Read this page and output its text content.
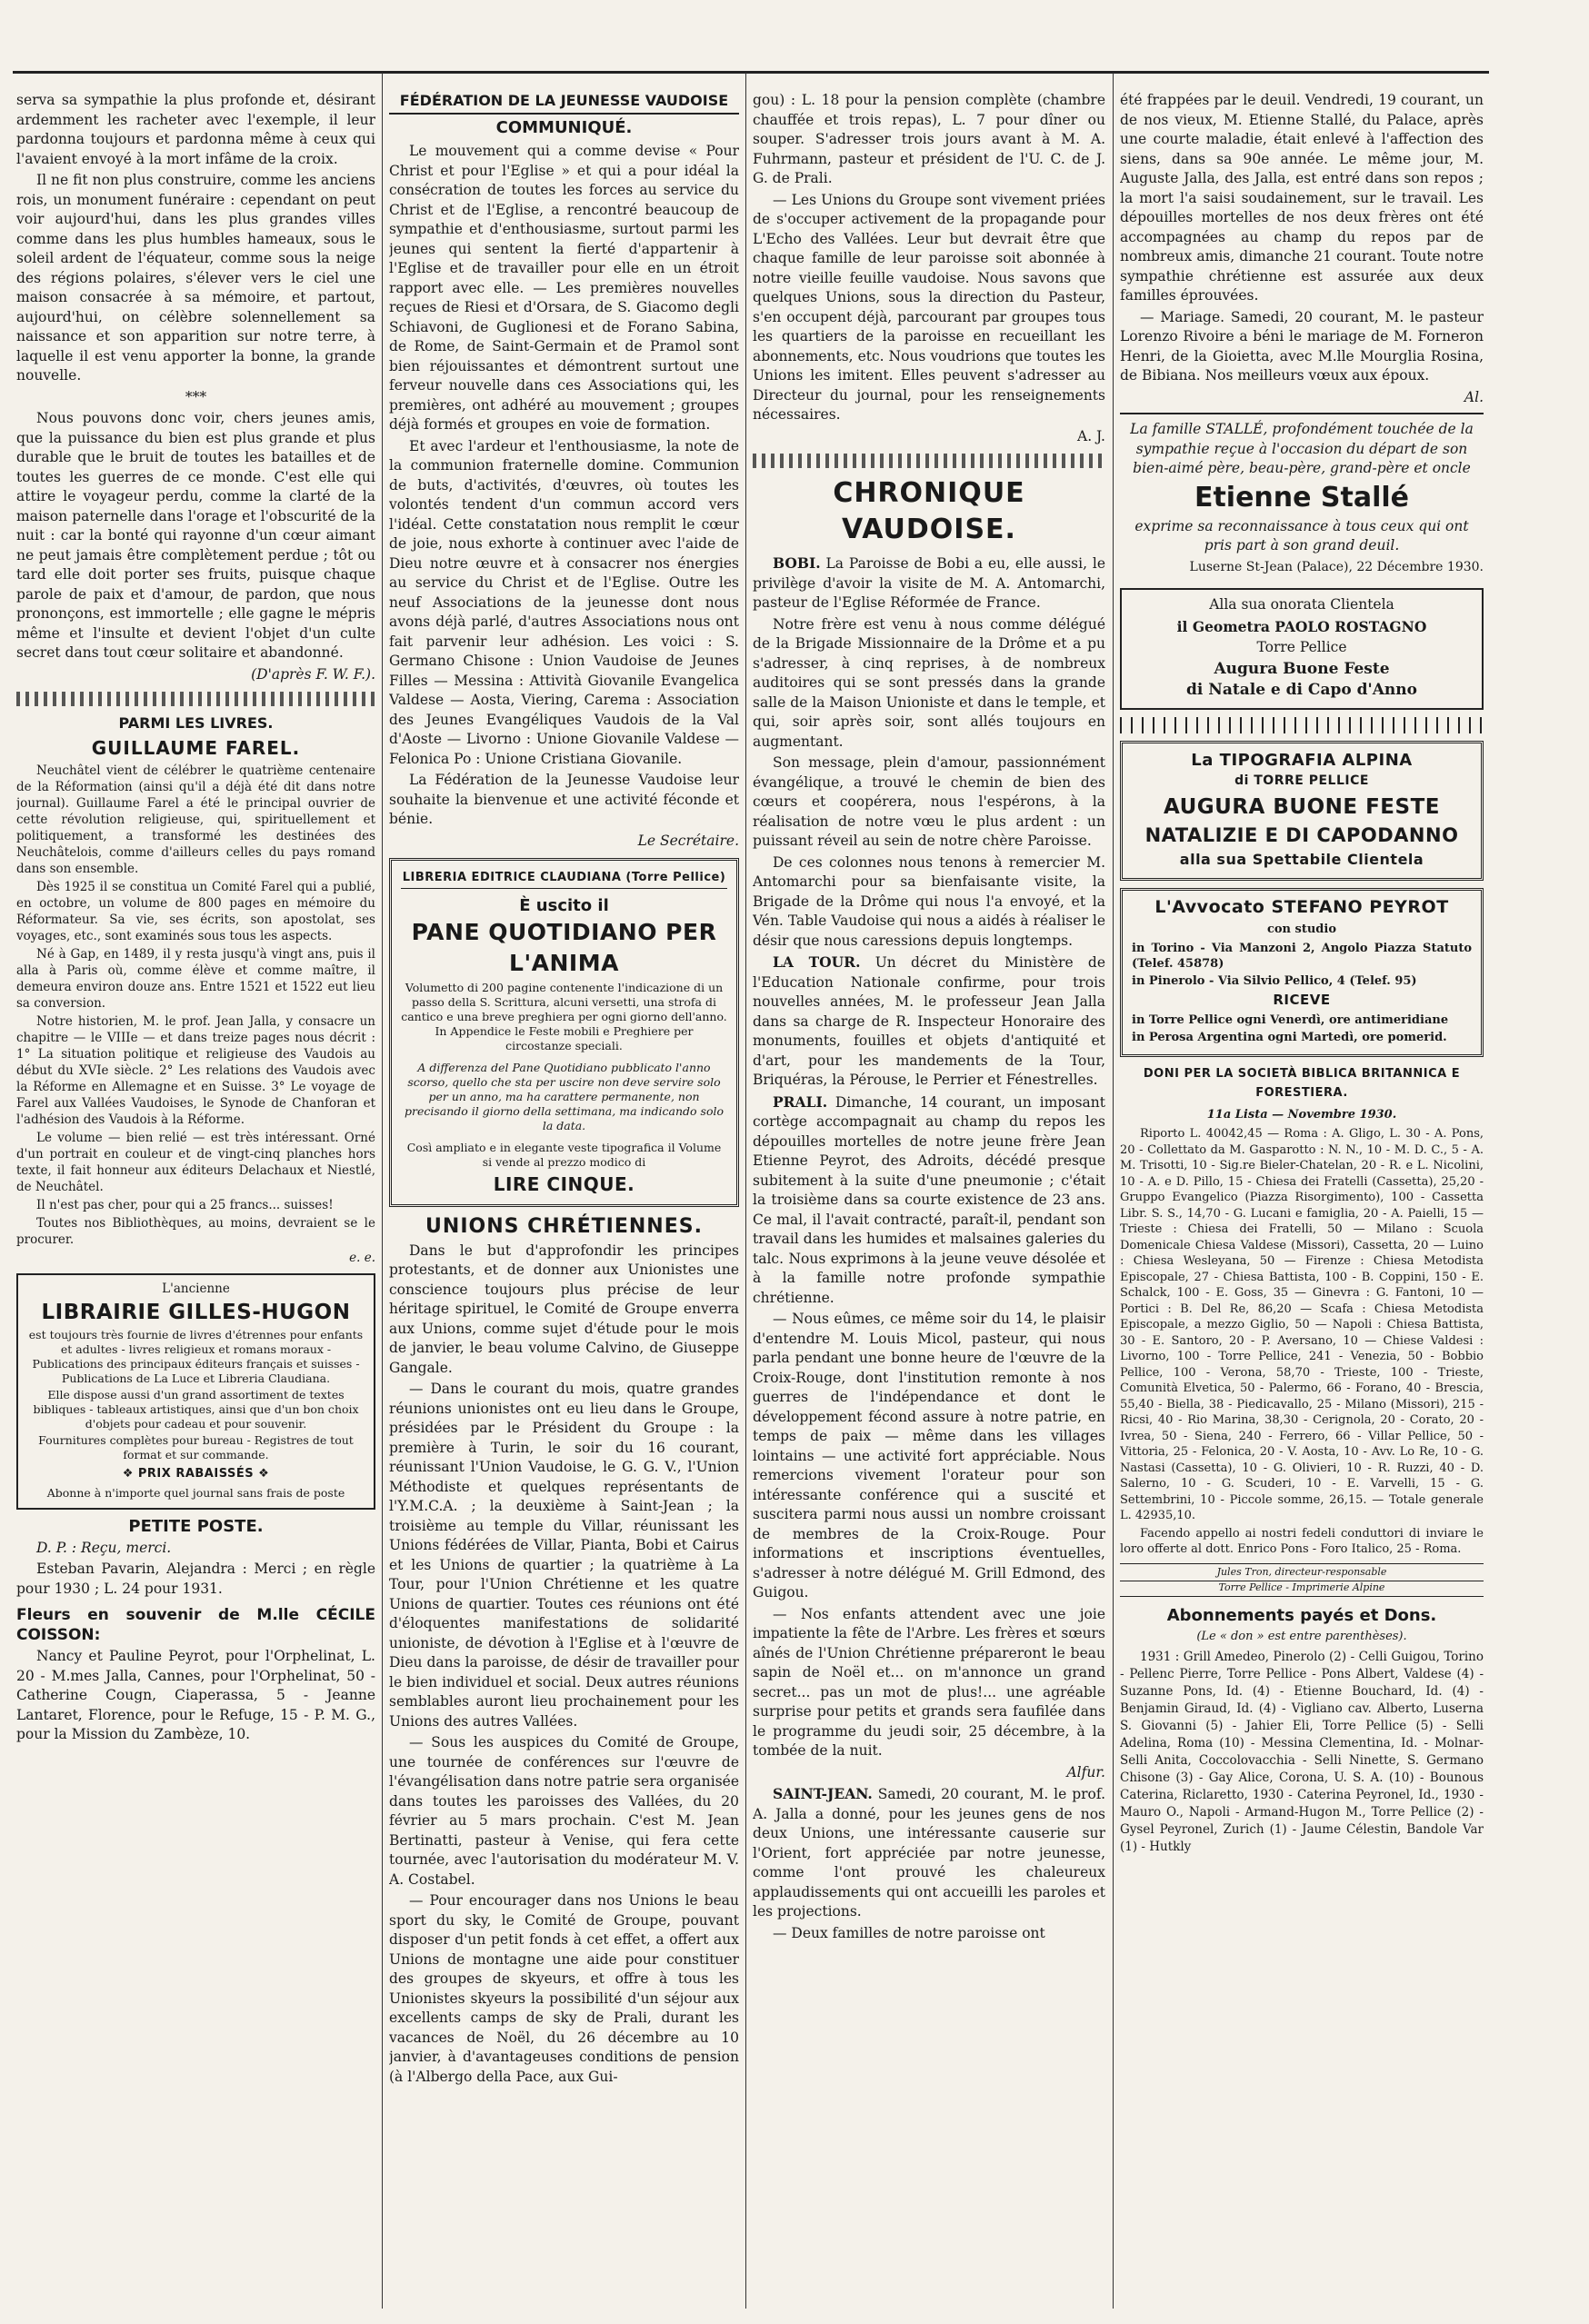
serva sa sympathie la plus profonde et, désirant ardemment les racheter avec l'exemple, il leur pardonna toujours et pardonna même à ceux qui l'avaient envoyé à la mort infâme de la croix.

Il ne fit non plus construire, comme les anciens rois, un monument funéraire : cependant on peut voir aujourd'hui, dans les plus grandes villes comme dans les plus humbles hameaux, sous le soleil ardent de l'équateur, comme sous la neige des régions polaires, s'élever vers le ciel une maison consacrée à sa mémoire, et partout, aujourd'hui, on célèbre solennellement sa naissance et son apparition sur notre terre, à laquelle il est venu apporter la bonne, la grande nouvelle.

***

Nous pouvons donc voir, chers jeunes amis, que la puissance du bien est plus grande et plus durable que le bruit de toutes les batailles et de toutes les guerres de ce monde. C'est elle qui attire le voyageur perdu, comme la clarté de la maison paternelle dans l'orage et l'obscurité de la nuit : car la bonté qui rayonne d'un cœur aimant ne peut jamais être complètement perdue ; tôt ou tard elle doit porter ses fruits, puisque chaque parole de paix et d'amour, de pardon, que nous prononçons, est immortelle ; elle gagne le mépris même et l'insulte et devient l'objet d'un culte secret dans tout cœur solitaire et abandonné.

(D'après F. W. F.).

PARMI LES LIVRES.

GUILLAUME FAREL.

Neuchâtel vient de célébrer le quatrième centenaire de la Réformation (ainsi qu'il a déjà été dit dans notre journal). Guillaume Farel a été le principal ouvrier de cette révolution religieuse, qui, spirituellement et politiquement, a transformé les destinées des Neuchâtelois, comme d'ailleurs celles du pays romand dans son ensemble.

Dès 1925 il se constitua un Comité Farel qui a publié, en octobre, un volume de 800 pages en mémoire du Réformateur. Sa vie, ses écrits, son apostolat, ses voyages, etc., sont examinés sous tous les aspects.

Né à Gap, en 1489, il y resta jusqu'à vingt ans, puis il alla à Paris où, comme élève et comme maître, il demeura environ douze ans. Entre 1521 et 1522 eut lieu sa conversion.

Notre historien, M. le prof. Jean Jalla, y consacre un chapitre — le VIIIe — et dans treize pages nous décrit : 1° La situation politique et religieuse des Vaudois au début du XVIe siècle. 2° Les relations des Vaudois avec la Réforme en Allemagne et en Suisse. 3° Le voyage de Farel aux Vallées Vaudoises, le Synode de Chanforan et l'adhésion des Vaudois à la Réforme.

Le volume — bien relié — est très intéressant. Orné d'un portrait en couleur et de vingt-cinq planches hors texte, il fait honneur aux éditeurs Delachaux et Niestlé, de Neuchâtel.

Il n'est pas cher, pour qui a 25 francs... suisses!

Toutes nos Bibliothèques, au moins, devraient se le procurer.

e. e.

L'ancienne

LIBRAIRIE GILLES-HUGON

est toujours très fournie de livres d'étrennes pour enfants et adultes - livres religieux et romans moraux - Publications des principaux éditeurs français et suisses - Publications de La Luce et Libreria Claudiana.

Elle dispose aussi d'un grand assortiment de textes bibliques - tableaux artistiques, ainsi que d'un bon choix d'objets pour cadeau et pour souvenir.

Fournitures complètes pour bureau - Registres de tout format et sur commande.

❖ PRIX RABAISSÉS ❖

Abonne à n'importe quel journal sans frais de poste

PETITE POSTE.

D. P. : Reçu, merci.

Esteban Pavarin, Alejandra : Merci ; en règle pour 1930 ; L. 24 pour 1931.

Fleurs en souvenir de M.lle CÉCILE COISSON:

Nancy et Pauline Peyrot, pour l'Orphelinat, L. 20 - M.mes Jalla, Cannes, pour l'Orphelinat, 50 - Catherine Cougn, Ciaperassa, 5 - Jeanne Lantaret, Florence, pour le Refuge, 15 - P. M. G., pour la Mission du Zambèze, 10.

FÉDÉRATION DE LA JEUNESSE VAUDOISE

COMMUNIQUÉ.

Le mouvement qui a comme devise « Pour Christ et pour l'Eglise » et qui a pour idéal la consécration de toutes les forces au service du Christ et de l'Eglise, a rencontré beaucoup de sympathie et d'enthousiasme, surtout parmi les jeunes qui sentent la fierté d'appartenir à l'Eglise et de travailler pour elle en un étroit rapport avec elle. — Les premières nouvelles reçues de Riesi et d'Orsara, de S. Giacomo degli Schiavoni, de Guglionesi et de Forano Sabina, de Rome, de Saint-Germain et de Pramol sont bien réjouissantes et démontrent surtout une ferveur nouvelle dans ces Associations qui, les premières, ont adhéré au mouvement ; groupes déjà formés et groupes en voie de formation.

Et avec l'ardeur et l'enthousiasme, la note de la communion fraternelle domine. Communion de buts, d'activités, d'œuvres, où toutes les volontés tendent d'un commun accord vers l'idéal. Cette constatation nous remplit le cœur de joie, nous exhorte à continuer avec l'aide de Dieu notre œuvre et à consacrer nos énergies au service du Christ et de l'Eglise. Outre les neuf Associations de la jeunesse dont nous avons déjà parlé, d'autres Associations nous ont fait parvenir leur adhésion. Les voici : S. Germano Chisone : Union Vaudoise de Jeunes Filles — Messina : Attività Giovanile Evangelica Valdese — Aosta, Viering, Carema : Association des Jeunes Evangéliques Vaudois de la Val d'Aoste — Livorno : Unione Giovanile Valdese — Felonica Po : Unione Cristiana Giovanile.

La Fédération de la Jeunesse Vaudoise leur souhaite la bienvenue et une activité féconde et bénie.

Le Secrétaire.

LIBRERIA EDITRICE CLAUDIANA (Torre Pellice)

È uscito il

PANE QUOTIDIANO PER L'ANIMA

Volumetto di 200 pagine contenente l'indicazione di un passo della S. Scrittura, alcuni versetti, una strofa di cantico e una breve preghiera per ogni giorno dell'anno. In Appendice le Feste mobili e Preghiere per circostanze speciali.

A differenza del Pane Quotidiano pubblicato l'anno scorso, quello che sta per uscire non deve servire solo per un anno, ma ha carattere permanente, non precisando il giorno della settimana, ma indicando solo la data.

Così ampliato e in elegante veste tipografica il Volume si vende al prezzo modico di

LIRE CINQUE.

UNIONS CHRÉTIENNES.

Dans le but d'approfondir les principes protestants, et de donner aux Unionistes une conscience toujours plus précise de leur héritage spirituel, le Comité de Groupe enverra aux Unions, comme sujet d'étude pour le mois de janvier, le beau volume Calvino, de Giuseppe Gangale.

— Dans le courant du mois, quatre grandes réunions unionistes ont eu lieu dans le Groupe, présidées par le Président du Groupe : la première à Turin, le soir du 16 courant, réunissant l'Union Vaudoise, le G. G. V., l'Union Méthodiste et quelques représentants de l'Y.M.C.A. ; la deuxième à Saint-Jean ; la troisième au temple du Villar, réunissant les Unions fédérées de Villar, Pianta, Bobi et Cairus et les Unions de quartier ; la quatrième à La Tour, pour l'Union Chrétienne et les quatre Unions de quartier. Toutes ces réunions ont été d'éloquentes manifestations de solidarité unioniste, de dévotion à l'Eglise et à l'œuvre de Dieu dans la paroisse, de désir de travailler pour le bien individuel et social. Deux autres réunions semblables auront lieu prochainement pour les Unions des autres Vallées.

— Sous les auspices du Comité de Groupe, une tournée de conférences sur l'œuvre de l'évangélisation dans notre patrie sera organisée dans toutes les paroisses des Vallées, du 20 février au 5 mars prochain. C'est M. Jean Bertinatti, pasteur à Venise, qui fera cette tournée, avec l'autorisation du modérateur M. V. A. Costabel.

— Pour encourager dans nos Unions le beau sport du sky, le Comité de Groupe, pouvant disposer d'un petit fonds à cet effet, a offert aux Unions de montagne une aide pour constituer des groupes de skyeurs, et offre à tous les Unionistes skyeurs la possibilité d'un séjour aux excellents camps de sky de Prali, durant les vacances de Noël, du 26 décembre au 10 janvier, à d'avantageuses conditions de pension (à l'Albergo della Pace, aux Gui-

gou) : L. 18 pour la pension complète (chambre chauffée et trois repas), L. 7 pour dîner ou souper. S'adresser trois jours avant à M. A. Fuhrmann, pasteur et président de l'U. C. de J. G. de Prali.

— Les Unions du Groupe sont vivement priées de s'occuper activement de la propagande pour L'Echo des Vallées. Leur but devrait être que chaque famille de leur paroisse soit abonnée à notre vieille feuille vaudoise. Nous savons que quelques Unions, sous la direction du Pasteur, s'en occupent déjà, parcourant par groupes tous les quartiers de la paroisse en recueillant les abonnements, etc. Nous voudrions que toutes les Unions les imitent. Elles peuvent s'adresser au Directeur du journal, pour les renseignements nécessaires.

A. J.

CHRONIQUE VAUDOISE.

BOBI. La Paroisse de Bobi a eu, elle aussi, le privilège d'avoir la visite de M. A. Antomarchi, pasteur de l'Eglise Réformée de France.

Notre frère est venu à nous comme délégué de la Brigade Missionnaire de la Drôme et a pu s'adresser, à cinq reprises, à de nombreux auditoires qui se sont pressés dans la grande salle de la Maison Unioniste et dans le temple, et qui, soir après soir, sont allés toujours en augmentant.

Son message, plein d'amour, passionnément évangélique, a trouvé le chemin de bien des cœurs et coopérera, nous l'espérons, à la réalisation de notre vœu le plus ardent : un puissant réveil au sein de notre chère Paroisse.

De ces colonnes nous tenons à remercier M. Antomarchi pour sa bienfaisante visite, la Brigade de la Drôme qui nous l'a envoyé, et la Vén. Table Vaudoise qui nous a aidés à réaliser le désir que nous caressions depuis longtemps.

LA TOUR. Un décret du Ministère de l'Education Nationale confirme, pour trois nouvelles années, M. le professeur Jean Jalla dans sa charge de R. Inspecteur Honoraire des monuments, fouilles et objets d'antiquité et d'art, pour les mandements de la Tour, Briquéras, la Pérouse, le Perrier et Fénestrelles.

PRALI. Dimanche, 14 courant, un imposant cortège accompagnait au champ du repos les dépouilles mortelles de notre jeune frère Jean Etienne Peyrot, des Adroits, décédé presque subitement à la suite d'une pneumonie ; c'était la troisième dans sa courte existence de 23 ans. Ce mal, il l'avait contracté, paraît-il, pendant son travail dans les humides et malsaines galeries du talc. Nous exprimons à la jeune veuve désolée et à la famille notre profonde sympathie chrétienne.

— Nous eûmes, ce même soir du 14, le plaisir d'entendre M. Louis Micol, pasteur, qui nous parla pendant une bonne heure de l'œuvre de la Croix-Rouge, dont l'institution remonte à nos guerres de l'indépendance et dont le développement fécond assure à notre patrie, en temps de paix — même dans les villages lointains — une activité fort appréciable. Nous remercions vivement l'orateur pour son intéressante conférence qui a suscité et suscitera parmi nous aussi un nombre croissant de membres de la Croix-Rouge. Pour informations et inscriptions éventuelles, s'adresser à notre délégué M. Grill Edmond, des Guigou.

— Nos enfants attendent avec une joie impatiente la fête de l'Arbre. Les frères et sœurs aînés de l'Union Chrétienne prépareront le beau sapin de Noël et... on m'annonce un grand secret... pas un mot de plus!... une agréable surprise pour petits et grands sera faufilée dans le programme du jeudi soir, 25 décembre, à la tombée de la nuit.

Alfur.

SAINT-JEAN. Samedi, 20 courant, M. le prof. A. Jalla a donné, pour les jeunes gens de nos deux Unions, une intéressante causerie sur l'Orient, fort appréciée par notre jeunesse, comme l'ont prouvé les chaleureux applaudissements qui ont accueilli les paroles et les projections.

— Deux familles de notre paroisse ont

été frappées par le deuil. Vendredi, 19 courant, un de nos vieux, M. Etienne Stallé, du Palace, après une courte maladie, était enlevé à l'affection des siens, dans sa 90e année. Le même jour, M. Auguste Jalla, des Jalla, est entré dans son repos ; la mort l'a saisi soudainement, sur le travail. Les dépouilles mortelles de nos deux frères ont été accompagnées au champ du repos par de nombreux amis, dimanche 21 courant. Toute notre sympathie chrétienne est assurée aux deux familles éprouvées.

— Mariage. Samedi, 20 courant, M. le pasteur Lorenzo Rivoire a béni le mariage de M. Forneron Henri, de la Gioietta, avec M.lle Mourglia Rosina, de Bibiana. Nos meilleurs vœux aux époux.

Al.

La famille STALLÉ, profondément touchée de la sympathie reçue à l'occasion du départ de son bien-aimé père, beau-père, grand-père et oncle

Etienne Stallé

exprime sa reconnaissance à tous ceux qui ont pris part à son grand deuil.

Luserne St-Jean (Palace), 22 Décembre 1930.

Alla sua onorata Clientela

il Geometra PAOLO ROSTAGNO

Torre Pellice

Augura Buone Feste

di Natale e di Capo d'Anno

La TIPOGRAFIA ALPINA

di TORRE PELLICE

AUGURA BUONE FESTE

NATALIZIE E DI CAPODANNO

alla sua Spettabile Clientela

L'Avvocato STEFANO PEYROT

con studio

in Torino - Via Manzoni 2, Angolo Piazza Statuto (Telef. 45878)

in Pinerolo - Via Silvio Pellico, 4 (Telef. 95)

RICEVE

in Torre Pellice ogni Venerdì, ore antimeridiane

in Perosa Argentina ogni Martedì, ore pomerid.

DONI PER LA SOCIETÀ BIBLICA BRITANNICA E FORESTIERA.

11a Lista — Novembre 1930.

Riporto L. 40042,45 — Roma : A. Gligo, L. 30 - A. Pons, 20 - Collettato da M. Gasparotto : N. N., 10 - M. D. C., 5 - A. M. Trisotti, 10 - Sig.re Bieler-Chatelan, 20 - R. e L. Nicolini, 10 - A. e D. Pillo, 15 - Chiesa dei Fratelli (Cassetta), 25,20 - Gruppo Evangelico (Piazza Risorgimento), 100 - Cassetta Libr. S. S., 14,70 - G. Lucani e famiglia, 20 - A. Paielli, 15 — Trieste : Chiesa dei Fratelli, 50 — Milano : Scuola Domenicale Chiesa Valdese (Missori), Cassetta, 20 — Luino : Chiesa Wesleyana, 50 — Firenze : Chiesa Metodista Episcopale, 27 - Chiesa Battista, 100 - B. Coppini, 150 - E. Schalck, 100 - E. Goss, 35 — Ginevra : G. Fantoni, 10 — Portici : B. Del Re, 86,20 — Scafa : Chiesa Metodista Episcopale, a mezzo Giglio, 50 — Napoli : Chiesa Battista, 30 - E. Santoro, 20 - P. Aversano, 10 — Chiese Valdesi : Livorno, 100 - Torre Pellice, 241 - Venezia, 50 - Bobbio Pellice, 100 - Verona, 58,70 - Trieste, 100 - Trieste, Comunità Elvetica, 50 - Palermo, 66 - Forano, 40 - Brescia, 55,40 - Biella, 38 - Piedicavallo, 25 - Milano (Missori), 215 - Ricsi, 40 - Rio Marina, 38,30 - Cerignola, 20 - Corato, 20 - Ivrea, 50 - Siena, 240 - Ferrero, 66 - Villar Pellice, 50 - Vittoria, 25 - Felonica, 20 - V. Aosta, 10 - Avv. Lo Re, 10 - G. Nastasi (Cassetta), 10 - G. Olivieri, 10 - R. Ruzzi, 40 - D. Salerno, 10 - G. Scuderi, 10 - E. Varvelli, 15 - G. Settembrini, 10 - Piccole somme, 26,15. — Totale generale L. 42935,10.

Facendo appello ai nostri fedeli conduttori di inviare le loro offerte al dott. Enrico Pons - Foro Italico, 25 - Roma.

Jules Tron, directeur-responsable

Torre Pellice - Imprimerie Alpine

Abonnements payés et Dons.

(Le « don » est entre parenthèses).

1931 : Grill Amedeo, Pinerolo (2) - Celli Guigou, Torino - Pellenc Pierre, Torre Pellice - Pons Albert, Valdese (4) - Suzanne Pons, Id. (4) - Etienne Bouchard, Id. (4) - Benjamin Giraud, Id. (4) - Vigliano cav. Alberto, Luserna S. Giovanni (5) - Jahier Eli, Torre Pellice (5) - Selli Adelina, Roma (10) - Messina Clementina, Id. - Molnar-Selli Anita, Coccolovacchia - Selli Ninette, S. Germano Chisone (3) - Gay Alice, Corona, U. S. A. (10) - Bounous Caterina, Riclaretto, 1930 - Caterina Peyronel, Id., 1930 - Mauro O., Napoli - Armand-Hugon M., Torre Pellice (2) - Gysel Peyronel, Zurich (1) - Jaume Célestin, Bandole Var (1) - Hutkly
